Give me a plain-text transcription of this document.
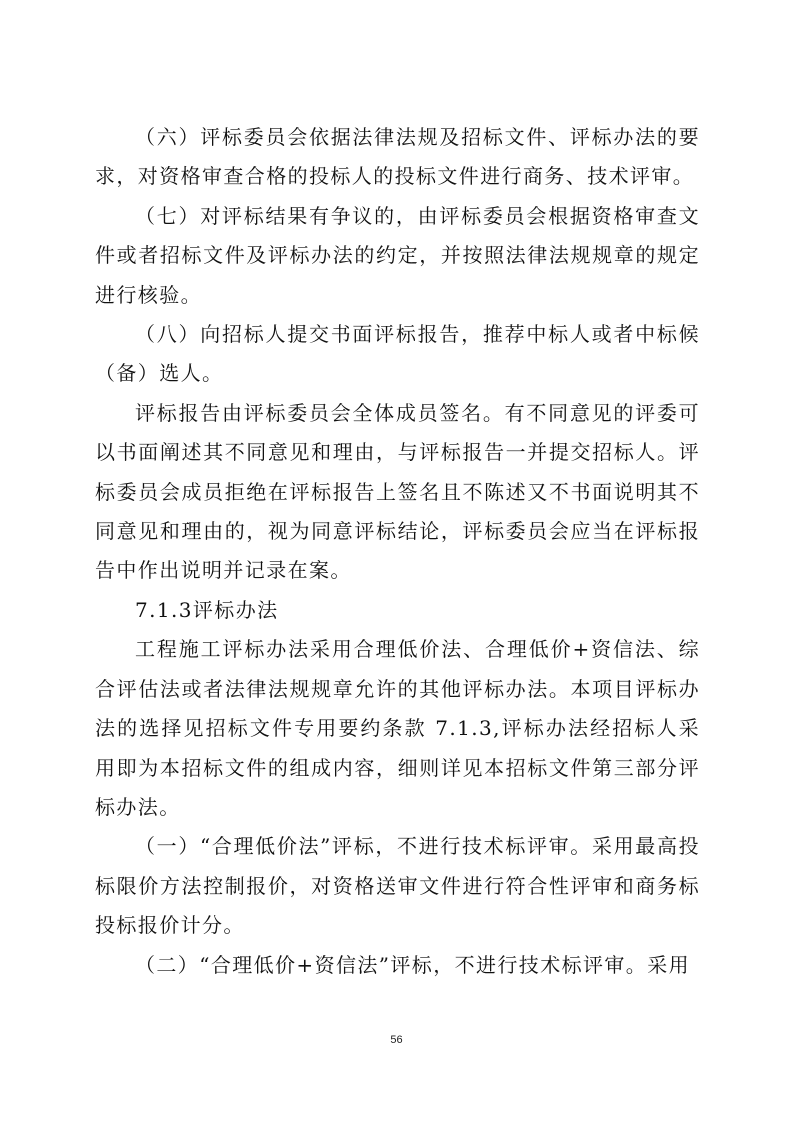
（六）评标委员会依据法律法规及招标文件、评标办法的要求，对资格审查合格的投标人的投标文件进行商务、技术评审。

（七）对评标结果有争议的，由评标委员会根据资格审查文件或者招标文件及评标办法的约定，并按照法律法规规章的规定进行核验。

（八）向招标人提交书面评标报告，推荐中标人或者中标候（备）选人。

评标报告由评标委员会全体成员签名。有不同意见的评委可以书面阐述其不同意见和理由，与评标报告一并提交招标人。评标委员会成员拒绝在评标报告上签名且不陈述又不书面说明其不同意见和理由的，视为同意评标结论，评标委员会应当在评标报告中作出说明并记录在案。

7.1.3评标办法

工程施工评标办法采用合理低价法、合理低价+资信法、综合评估法或者法律法规规章允许的其他评标办法。本项目评标办法的选择见招标文件专用要约条款 7.1.3,评标办法经招标人采用即为本招标文件的组成内容，细则详见本招标文件第三部分评标办法。

（一）“合理低价法”评标，不进行技术标评审。采用最高投标限价方法控制报价，对资格送审文件进行符合性评审和商务标投标报价计分。

（二）“合理低价+资信法”评标，不进行技术标评审。采用

56
